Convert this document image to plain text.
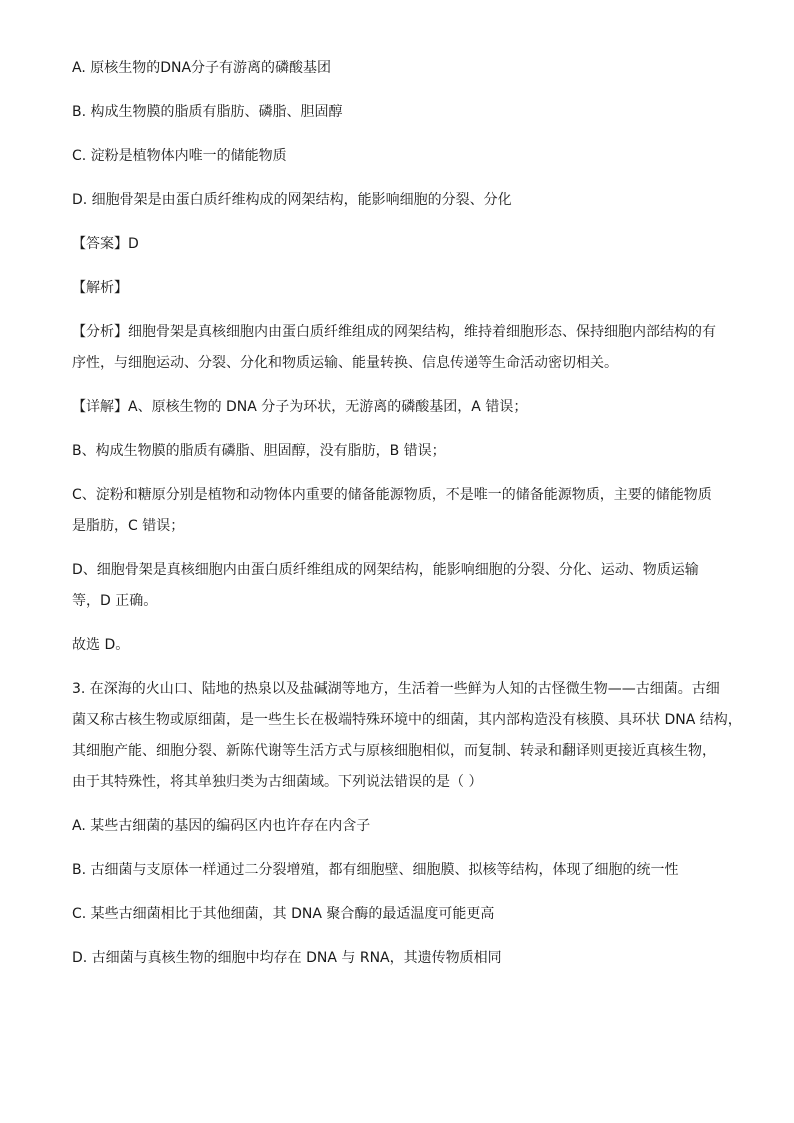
A. 原核生物的DNA分子有游离的磷酸基团

B. 构成生物膜的脂质有脂肪、磷脂、胆固醇

C. 淀粉是植物体内唯一的储能物质

D. 细胞骨架是由蛋白质纤维构成的网架结构，能影响细胞的分裂、分化

【答案】D

【解析】

【分析】细胞骨架是真核细胞内由蛋白质纤维组成的网架结构，维持着细胞形态、保持细胞内部结构的有

序性，与细胞运动、分裂、分化和物质运输、能量转换、信息传递等生命活动密切相关。

【详解】A、原核生物的 DNA 分子为环状，无游离的磷酸基团，A 错误；

B、构成生物膜的脂质有磷脂、胆固醇，没有脂肪，B 错误；

C、淀粉和糖原分别是植物和动物体内重要的储备能源物质，不是唯一的储备能源物质，主要的储能物质

是脂肪，C 错误；

D、细胞骨架是真核细胞内由蛋白质纤维组成的网架结构，能影响细胞的分裂、分化、运动、物质运输

等，D 正确。

故选 D。

3. 在深海的火山口、陆地的热泉以及盐碱湖等地方，生活着一些鲜为人知的古怪微生物——古细菌。古细

菌又称古核生物或原细菌，是一些生长在极端特殊环境中的细菌，其内部构造没有核膜、具环状 DNA 结构，

其细胞产能、细胞分裂、新陈代谢等生活方式与原核细胞相似，而复制、转录和翻译则更接近真核生物，

由于其特殊性，将其单独归类为古细菌域。下列说法错误的是（ ）

A. 某些古细菌的基因的编码区内也许存在内含子

B. 古细菌与支原体一样通过二分裂增殖，都有细胞壁、细胞膜、拟核等结构，体现了细胞的统一性

C. 某些古细菌相比于其他细菌，其 DNA 聚合酶的最适温度可能更高

D. 古细菌与真核生物的细胞中均存在 DNA 与 RNA，其遗传物质相同
